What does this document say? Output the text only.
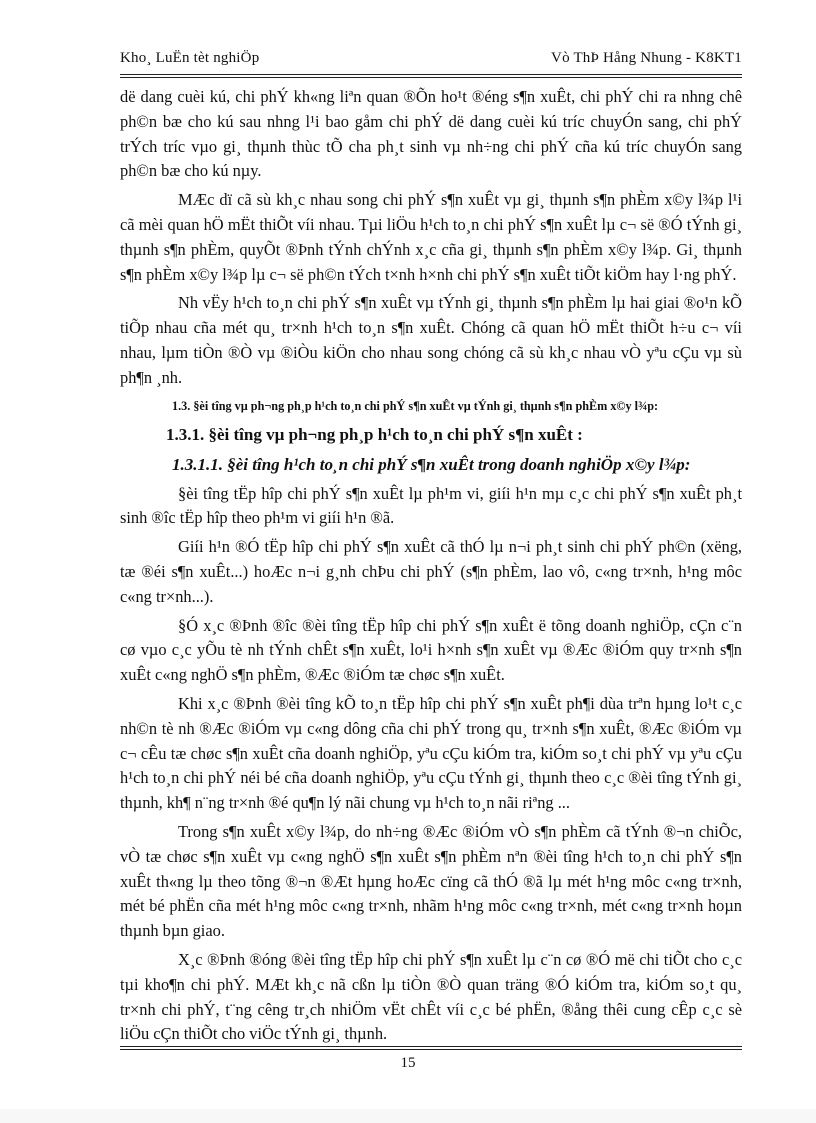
Kho¸ LuËn tèt nghiÖp	Vò ThÞ Hång Nhung - K8KT1

dë dang cuèi kú, chi phÝ kh«ng liªn quan ®Õn ho¹t ®éng s¶n xuÊt, chi phÝ chi ra nhng chê ph©n bæ cho kú sau nhng l¹i bao gåm chi phÝ dë dang cuèi kú tríc chuyÓn sang, chi phÝ trÝch tríc vµo gi¸ thµnh thùc tÕ cha ph¸t sinh vµ nh÷ng chi phÝ cña kú tríc chuyÓn sang ph©n bæ cho kú nµy.

MÆc dï cã sù kh¸c nhau song chi phÝ s¶n xuÊt vµ gi¸ thµnh s¶n phÈm x©y l¾p l¹i cã mèi quan hÖ mËt thiÕt víi nhau. Tµi liÖu h¹ch to¸n chi phÝ s¶n xuÊt lµ c¬ së ®Ó tÝnh gi¸ thµnh s¶n phÈm, quyÕt ®Þnh tÝnh chÝnh x¸c cña gi¸ thµnh s¶n phÈm x©y l¾p. Gi¸ thµnh s¶n phÈm x©y l¾p lµ c¬ së ph©n tÝch t×nh h×nh chi phÝ s¶n xuÊt tiÕt kiÖm hay l·ng phÝ.

Nh vËy h¹ch to¸n chi phÝ s¶n xuÊt vµ tÝnh gi¸ thµnh s¶n phÈm lµ hai giai ®o¹n kÕ tiÕp nhau cña mét qu¸ tr×nh h¹ch to¸n s¶n xuÊt. Chóng cã quan hÖ mËt thiÕt h÷u c¬ víi nhau, lµm tiÒn ®Ò vµ ®iÒu kiÖn cho nhau song chóng cã sù kh¸c nhau vÒ yªu cÇu vµ sù ph¶n ¸nh.

1.3. §èi tîng vµ ph¬ng ph¸p h¹ch to¸n chi phÝ s¶n xuÊt vµ tÝnh gi¸ thµnh s¶n phÈm x©y l¾p:

1.3.1. §èi tîng vµ ph¬ng ph¸p h¹ch to¸n chi phÝ s¶n xuÊt :

1.3.1.1. §èi tîng h¹ch to¸n chi phÝ s¶n xuÊt trong doanh nghiÖp x©y l¾p:

§èi tîng tËp hîp chi phÝ s¶n xuÊt lµ ph¹m vi, giíi h¹n mµ c¸c chi phÝ s¶n xuÊt ph¸t sinh ®îc tËp hîp theo ph¹m vi giíi h¹n ®ã.

Giíi h¹n ®Ó tËp hîp chi phÝ s¶n xuÊt cã thÓ lµ n¬i ph¸t sinh chi phÝ ph©n (xëng, tæ ®éi s¶n xuÊt...) hoÆc n¬i g¸nh chÞu chi phÝ (s¶n phÈm, lao vô, c«ng tr×nh, h¹ng môc c«ng tr×nh...).

§Ó x¸c ®Þnh ®îc ®èi tîng tËp hîp chi phÝ s¶n xuÊt ë tõng doanh nghiÖp, cÇn c¨n cø vµo c¸c yÕu tè nh tÝnh chÊt s¶n xuÊt, lo¹i h×nh s¶n xuÊt vµ ®Æc ®iÓm quy tr×nh s¶n xuÊt c«ng nghÖ s¶n phÈm, ®Æc ®iÓm tæ chøc s¶n xuÊt.

Khi x¸c ®Þnh ®èi tîng kÕ to¸n tËp hîp chi phÝ s¶n xuÊt ph¶i dùa trªn hµng lo¹t c¸c nh©n tè nh ®Æc ®iÓm vµ c«ng dông cña chi phÝ trong qu¸ tr×nh s¶n xuÊt, ®Æc ®iÓm vµ c¬ cÊu tæ chøc s¶n xuÊt cña doanh nghiÖp, yªu cÇu kiÓm tra, kiÓm so¸t chi phÝ vµ yªu cÇu h¹ch to¸n chi phÝ néi bé cña doanh nghiÖp, yªu cÇu tÝnh gi¸ thµnh theo c¸c ®èi tîng tÝnh gi¸ thµnh, kh¶ n¨ng tr×nh ®é qu¶n lý nãi chung vµ h¹ch to¸n nãi riªng ...

Trong s¶n xuÊt x©y l¾p, do nh÷ng ®Æc ®iÓm vÒ s¶n phÈm cã tÝnh ®¬n chiÕc, vÒ tæ chøc s¶n xuÊt vµ c«ng nghÖ s¶n xuÊt s¶n phÈm nªn ®èi tîng h¹ch to¸n chi phÝ s¶n xuÊt th«ng lµ theo tõng ®¬n ®Æt hµng hoÆc cïng cã thÓ ®ã lµ mét h¹ng môc c«ng tr×nh, mét bé phËn cña mét h¹ng môc c«ng tr×nh, nhãm h¹ng môc c«ng tr×nh, mét c«ng tr×nh hoµn thµnh bµn giao.

X¸c ®Þnh ®óng ®èi tîng tËp hîp chi phÝ s¶n xuÊt lµ c¨n cø ®Ó më chi tiÕt cho c¸c tµi kho¶n chi phÝ. MÆt kh¸c nã cßn lµ tiÒn ®Ò quan träng ®Ó kiÓm tra, kiÓm so¸t qu¸ tr×nh chi phÝ, t¨ng cêng tr¸ch nhiÖm vËt chÊt víi c¸c bé phËn, ®ång thêi cung cÊp c¸c sè liÖu cÇn thiÕt cho viÖc tÝnh gi¸ thµnh.

15
